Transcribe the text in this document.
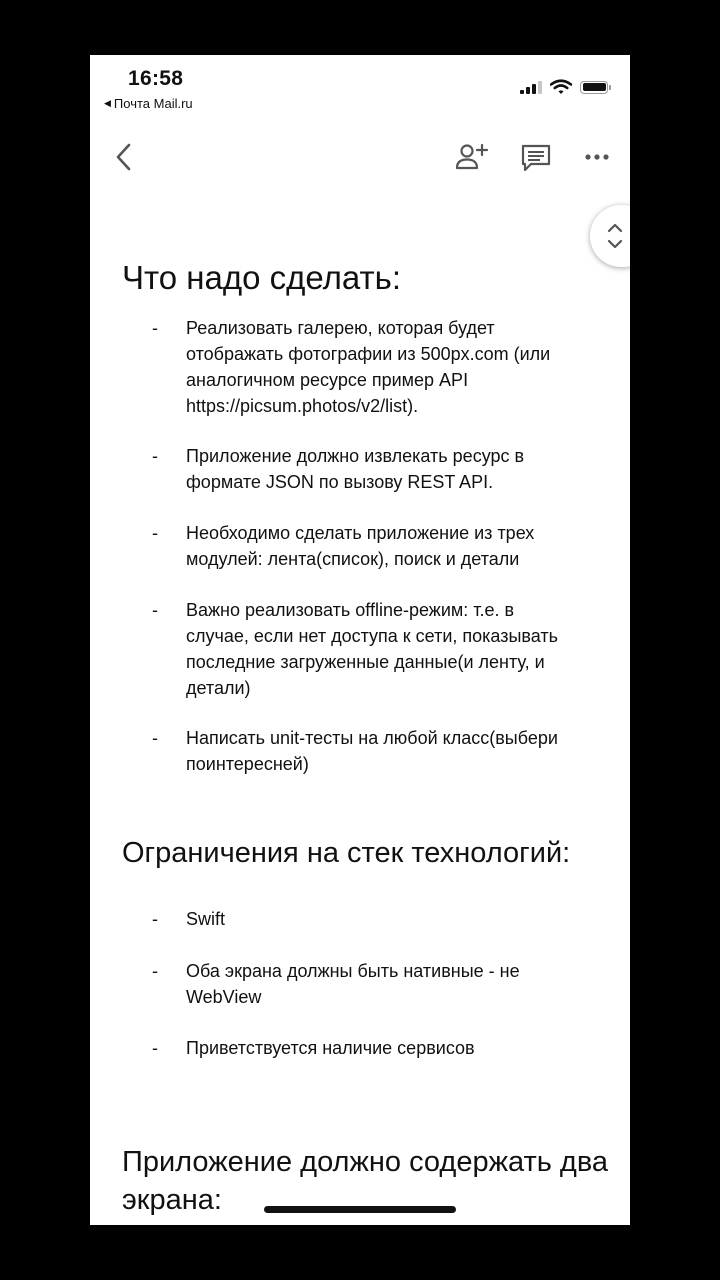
16:58
◀ Почта Mail.ru
Что надо сделать:
- Реализовать галерею, которая будет
отображать фотографии из 500px.com (или
аналогичном ресурсе пример API
https://picsum.photos/v2/list).
- Приложение должно извлекать ресурс в
формате JSON по вызову REST API.
- Необходимо сделать приложение из трех
модулей: лента(список), поиск и детали
- Важно реализовать offline-режим: т.е. в
случае, если нет доступа к сети, показывать
последние загруженные данные(и ленту, и
детали)
- Написать unit-тесты на любой класс(выбери
поинтересней)
Ограничения на стек технологий:
- Swift
- Оба экрана должны быть нативные - не
WebView
- Приветствуется наличие сервисов
Приложение должно содержать два
экрана:
